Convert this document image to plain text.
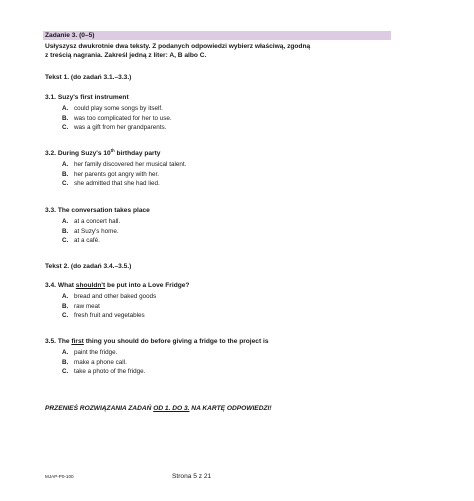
Zadanie 3. (0–5)
Usłyszysz dwukrotnie dwa teksty. Z podanych odpowiedzi wybierz właściwą, zgodną
z treścią nagrania. Zakreśl jedną z liter: A, B albo C.
Tekst 1. (do zadań 3.1.–3.3.)
3.1. Suzy's first instrument
A. could play some songs by itself.
B. was too complicated for her to use.
C. was a gift from her grandparents.
3.2. During Suzy's 10th birthday party
A. her family discovered her musical talent.
B. her parents got angry with her.
C. she admitted that she had lied.
3.3. The conversation takes place
A. at a concert hall.
B. at Suzy's home.
C. at a café.
Tekst 2. (do zadań 3.4.–3.5.)
3.4. What shouldn't be put into a Love Fridge?
A. bread and other baked goods
B. raw meat
C. fresh fruit and vegetables
3.5. The first thing you should do before giving a fridge to the project is
A. paint the fridge.
B. make a phone call.
C. take a photo of the fridge.
PRZENIEŚ ROZWIĄZANIA ZADAŃ OD 1. DO 3. NA KARTĘ ODPOWIEDZI!
MJAP-P0-100	Strona 5 z 21
